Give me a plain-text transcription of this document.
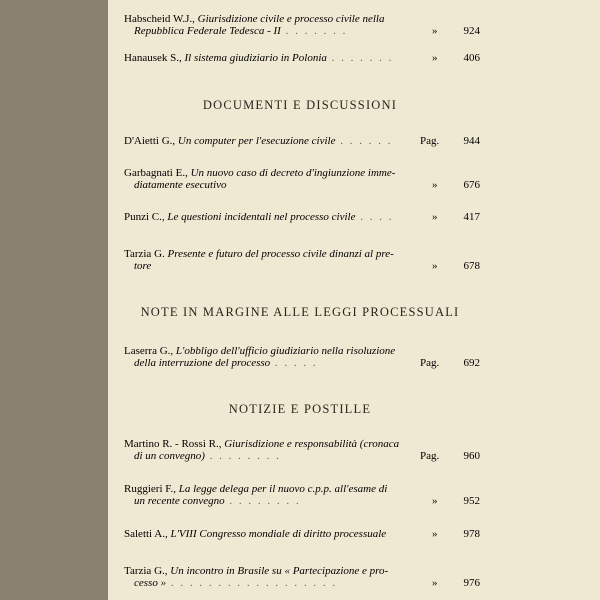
Habscheid W.J., Giurisdizione civile e processo civile nella
Repubblica Federale Tedesca - II . . . . . . .	» 924
Hanausek S., Il sistema giudiziario in Polonia . . . . . . .	» 406
DOCUMENTI E DISCUSSIONI
D'Aietti G., Un computer per l'esecuzione civile . . . . . .	Pag. 944
Garbagnati E., Un nuovo caso di decreto d'ingiunzione imme-
diatamente esecutivo	» 676
Punzi C., Le questioni incidentali nel processo civile . . . .	» 417
Tarzia G. Presente e futuro del processo civile dinanzi al pre-
tore	» 678
NOTE IN MARGINE ALLE LEGGI PROCESSUALI
Laserra G., L'obbligo dell'ufficio giudiziario nella risoluzione
della interruzione del processo . . . . .	Pag. 692
NOTIZIE E POSTILLE
Martino R. - Rossi R., Giurisdizione e responsabilità (cronaca
di un convegno) . . . . . . . .	Pag. 960
Ruggieri F., La legge delega per il nuovo c.p.p. all'esame di
un recente convegno . . . . . . . .	» 952
Saletti A., L'VIII Congresso mondiale di diritto processuale	» 978
Tarzia G., Un incontro in Brasile su « Partecipazione e pro-
cesso » . . . . . . . . . . . . . . . . . .	» 976
